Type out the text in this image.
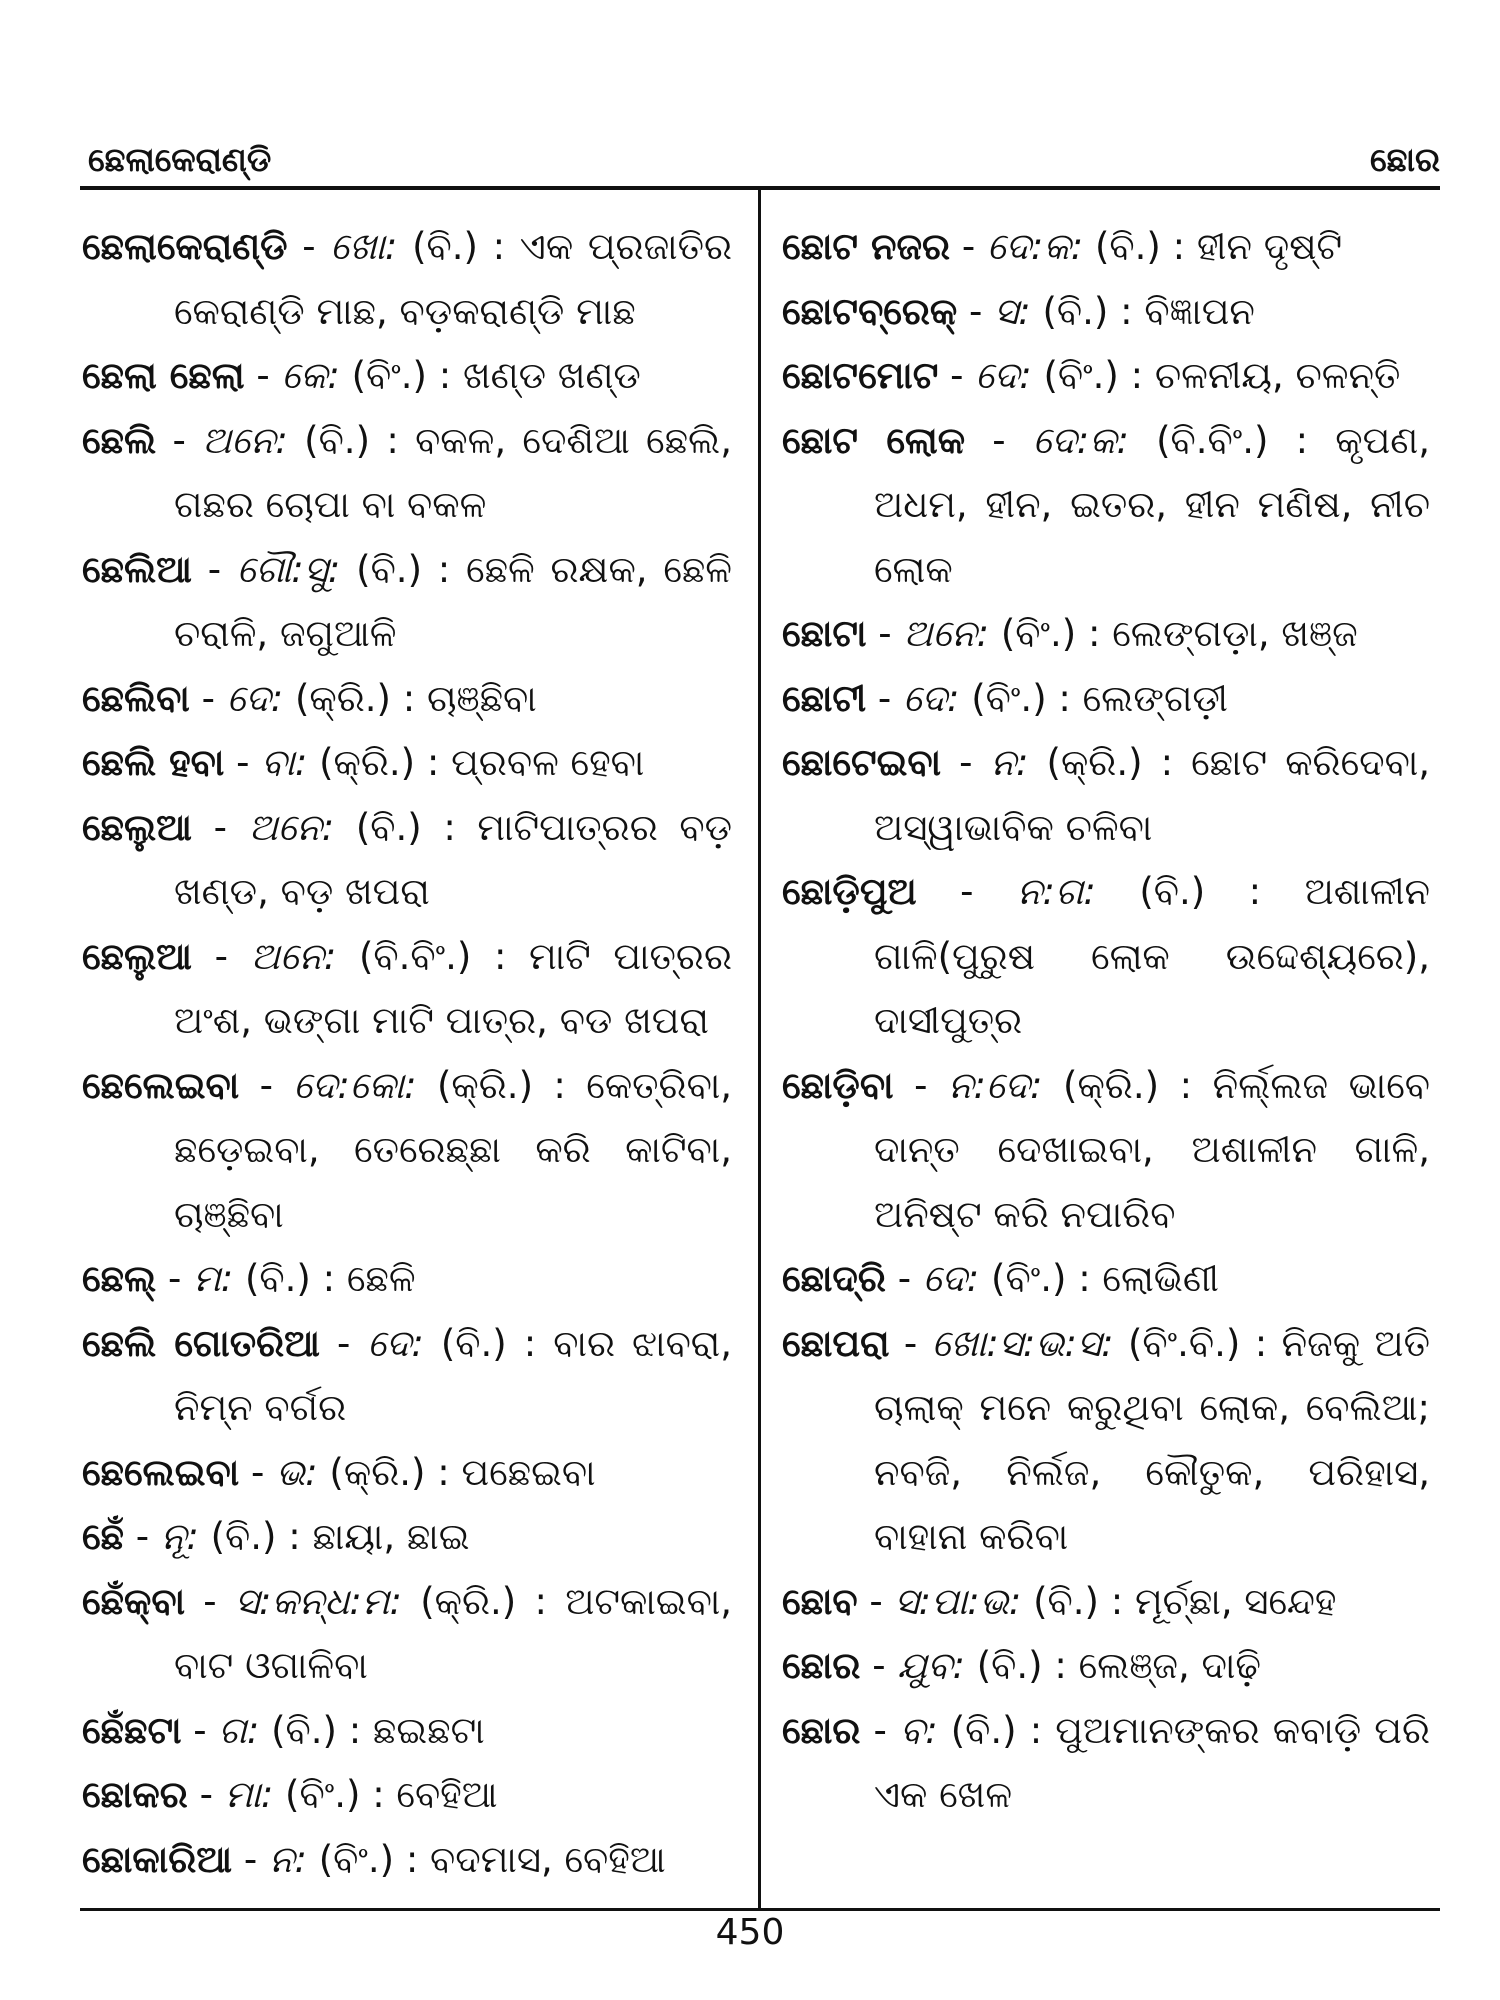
ଛେଲାକେରାଣ୍ଡି	ଛୋର
ଛେଲାକେରାଣ୍ଡି - ଖୋ: (ବି.) : ଏକ ପ୍ରଜାତିର କେରାଣ୍ଡି ମାଛ, ବଡ଼କରାଣ୍ଡି ମାଛ
ଛେଲା ଛେଲା - କେ: (ବିଂ.) : ଖଣ୍ଡ ଖଣ୍ଡ
ଛେଲି - ଅନେ: (ବି.) : ବକଳ, ଦେଶିଆ ଛେଲି, ଗଛର ଚୋପା ବା ବକଳ
ଛେଲିଆ - ଗୌ:ସୁ: (ବି.) : ଛେଳି ରକ୍ଷକ, ଛେଳି ଚରାଳି, ଜଗୁଆଳି
ଛେଲିବା - ଦେ: (କ୍ରି.) : ଚାଞ୍ଛିବା
ଛେଲି ହବା - ବା: (କ୍ରି.) : ପ୍ରବଳ ହେବା
ଛେଲୁଆ - ଅନେ: (ବି.) : ମାଟିପାତ୍ରର ବଡ଼ ଖଣ୍ଡ, ବଡ଼ ଖପରା
ଛେଲୁଆ - ଅନେ: (ବି.ବିଂ.) : ମାଟି ପାତ୍ରର ଅଂଶ, ଭଙ୍ଗା ମାଟି ପାତ୍ର, ବଡ ଖପରା
ଛେଲେଇବା - ଦେ:କୋ: (କ୍ରି.) : କେତ୍‌ରିବା, ଛଡ଼େଇବା, ତେରେଛ୍ଛା କରି କାଟିବା, ଚାଞ୍ଛିବା
ଛେଲ୍ - ମ: (ବି.) : ଛେଳି
ଛେଲି ଗୋତରିଆ - ଦେ: (ବି.) : ବାର ଝାବରା, ନିମ୍ନ ବର୍ଗର
ଛେଲେଇବା - ଭ: (କ୍ରି.) : ପଛେଇବା
ଛେଁ - ନୂ: (ବି.) : ଛାୟା, ଛାଇ
ଛେଁକ୍‌ବା - ସ:କନ୍ଧ:ମ: (କ୍ରି.) : ଅଟକାଇବା, ବାଟ ଓଗାଳିବା
ଛେଁଛଟା - ଗ: (ବି.) : ଛଇଛଟା
ଛୋକର - ମା: (ବିଂ.) : ବେହିଆ
ଛୋକାରିଆ - ନ: (ବିଂ.) : ବଦମାସ, ବେହିଆ
ଛୋଟ ନଜର - ଦେ:କ: (ବି.) : ହୀନ ଦୃଷ୍ଟି
ଛୋଟବ୍ରେକ୍ - ସ: (ବି.) : ବିଜ୍ଞାପନ
ଛୋଟମୋଟ - ଦେ: (ବିଂ.) : ଚଳନୀୟ, ଚଳନ୍ତି
ଛୋଟ ଲୋକ - ଦେ:କ: (ବି.ବିଂ.) : କୃପଣ, ଅଧମ, ହୀନ, ଇତର, ହୀନ ମଣିଷ, ନୀଚ ଲୋକ
ଛୋଟା - ଅନେ: (ବିଂ.) : ଲେଙ୍ଗଡ଼ା, ଖଞ୍ଜ
ଛୋଟୀ - ଦେ: (ବିଂ.) : ଲେଙ୍ଗଡ଼ୀ
ଛୋଟେଇବା - ନ: (କ୍ରି.) : ଛୋଟ କରିଦେବା, ଅସ୍ୱାଭାବିକ ଚଳିବା
ଛୋଡ଼ିପୁଅ - ନ:ଗ: (ବି.) : ଅଶାଳୀନ ଗାଳି(ପୁରୁଷ ଲୋକ ଉଦ୍ଦେଶ୍ୟରେ), ଦାସୀପୁତ୍ର
ଛୋଡ଼ିବା - ନ:ଦେ: (କ୍ରି.) : ନିର୍ଲ୍ଲଜ ଭାବେ ଦାନ୍ତ ଦେଖାଇବା, ଅଶାଳୀନ ଗାଳି, ଅନିଷ୍ଟ କରି ନପାରିବ
ଛୋଦ୍‌ରି - ଦେ: (ବିଂ.) : ଲୋଭିଣୀ
ଛୋପରା - ଖୋ:ସ:ଭ:ସ: (ବିଂ.ବି.) : ନିଜକୁ ଅତି ଚାଲାକ୍ ମନେ କରୁଥିବା ଲୋକ, ବେଲିଆ; ନବଜି, ନିର୍ଲଜ, କୌତୁକ, ପରିହାସ, ବାହାନା କରିବା
ଛୋବ - ସ:ପା:ଭ: (ବି.) : ମୂର୍ଚ୍ଛା, ସନ୍ଦେହ
ଛୋର - ଯୁବ: (ବି.) : ଲେଞ୍ଜ, ଦାଢ଼ି
ଛୋର - ବ: (ବି.) : ପୁଅମାନଙ୍କର କବାଡ଼ି ପରି ଏକ ଖେଳ
450
